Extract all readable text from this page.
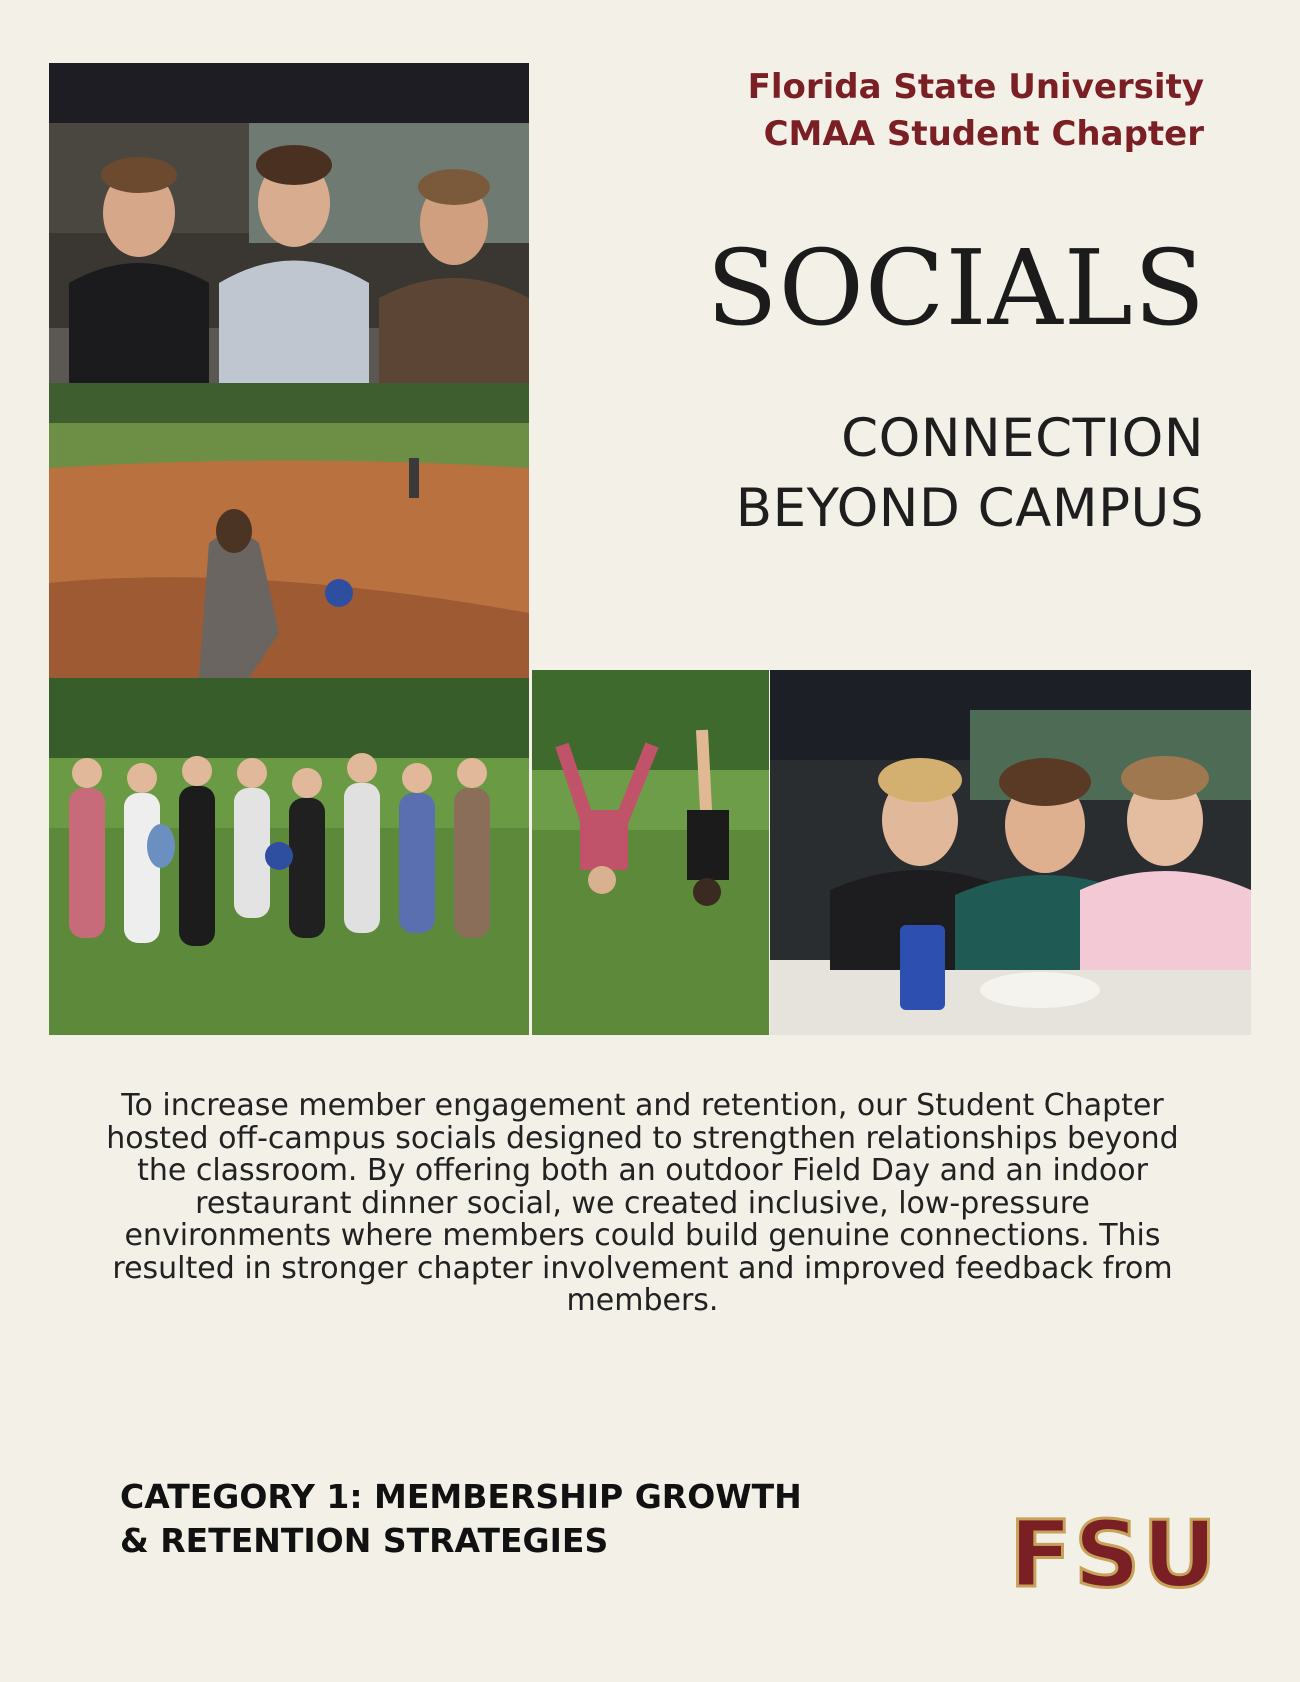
Florida State University
CMAA Student Chapter
SOCIALS
CONNECTION
BEYOND CAMPUS
To increase member engagement and retention, our Student Chapter hosted off-campus socials designed to strengthen relationships beyond the classroom. By offering both an outdoor Field Day and an indoor restaurant dinner social, we created inclusive, low-pressure environments where members could build genuine connections. This resulted in stronger chapter involvement and improved feedback from members.
CATEGORY 1: MEMBERSHIP GROWTH
& RETENTION STRATEGIES	FSU
